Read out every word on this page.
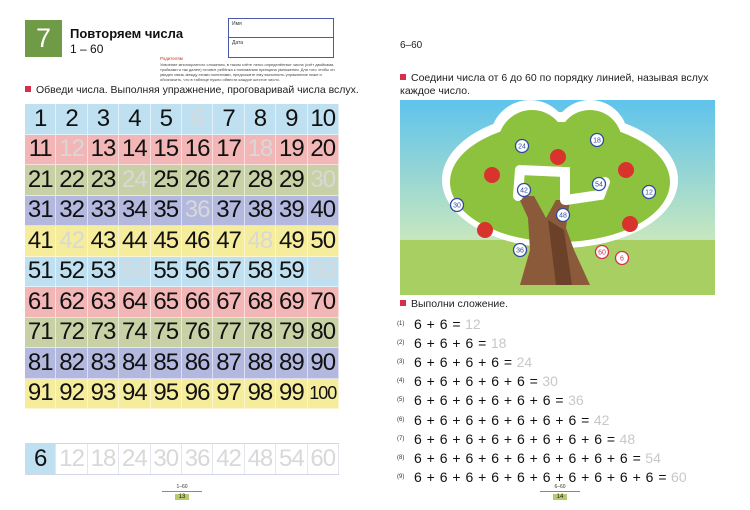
7	Повторяем числа
1 – 60
Имя
Дата
Родителям
Усвоение многократного сложения, в таком счёте легко определённые числа (счёт двойками, тройками и так далее) готовит ребёнка к пониманию принципа умножения. Для того чтобы он увидел связь между этими понятиями, предложите ему выполнить упражнение ниже и обозначить, что в таблице нужно обвести каждое шестое число.
Обведи числа. Выполняя упражнение, проговаривай числа вслух.
1 2 3 4 5 6 7 8 9 10
11 12 13 14 15 16 17 18 19 20
21 22 23 24 25 26 27 28 29 30
31 32 33 34 35 36 37 38 39 40
41 42 43 44 45 46 47 48 49 50
51 52 53 54 55 56 57 58 59 60
61 62 63 64 65 66 67 68 69 70
71 72 73 74 75 76 77 78 79 80
81 82 83 84 85 86 87 88 89 90
91 92 93 94 95 96 97 98 99 100
6 12 18 24 30 36 42 48 54 60
1–60
13
6–60
Соедини числа от 6 до 60 по порядку линией, называя вслух каждое число.
6
12
18
24
30
36
42
48
54
60
Выполни сложение.
(1) 6 + 6 = 12
(2) 6 + 6 + 6 = 18
(3) 6 + 6 + 6 + 6 = 24
(4) 6 + 6 + 6 + 6 + 6 = 30
(5) 6 + 6 + 6 + 6 + 6 + 6 = 36
(6) 6 + 6 + 6 + 6 + 6 + 6 + 6 = 42
(7) 6 + 6 + 6 + 6 + 6 + 6 + 6 + 6 = 48
(8) 6 + 6 + 6 + 6 + 6 + 6 + 6 + 6 + 6 = 54
(9) 6 + 6 + 6 + 6 + 6 + 6 + 6 + 6 + 6 + 6 = 60
6–60
14
